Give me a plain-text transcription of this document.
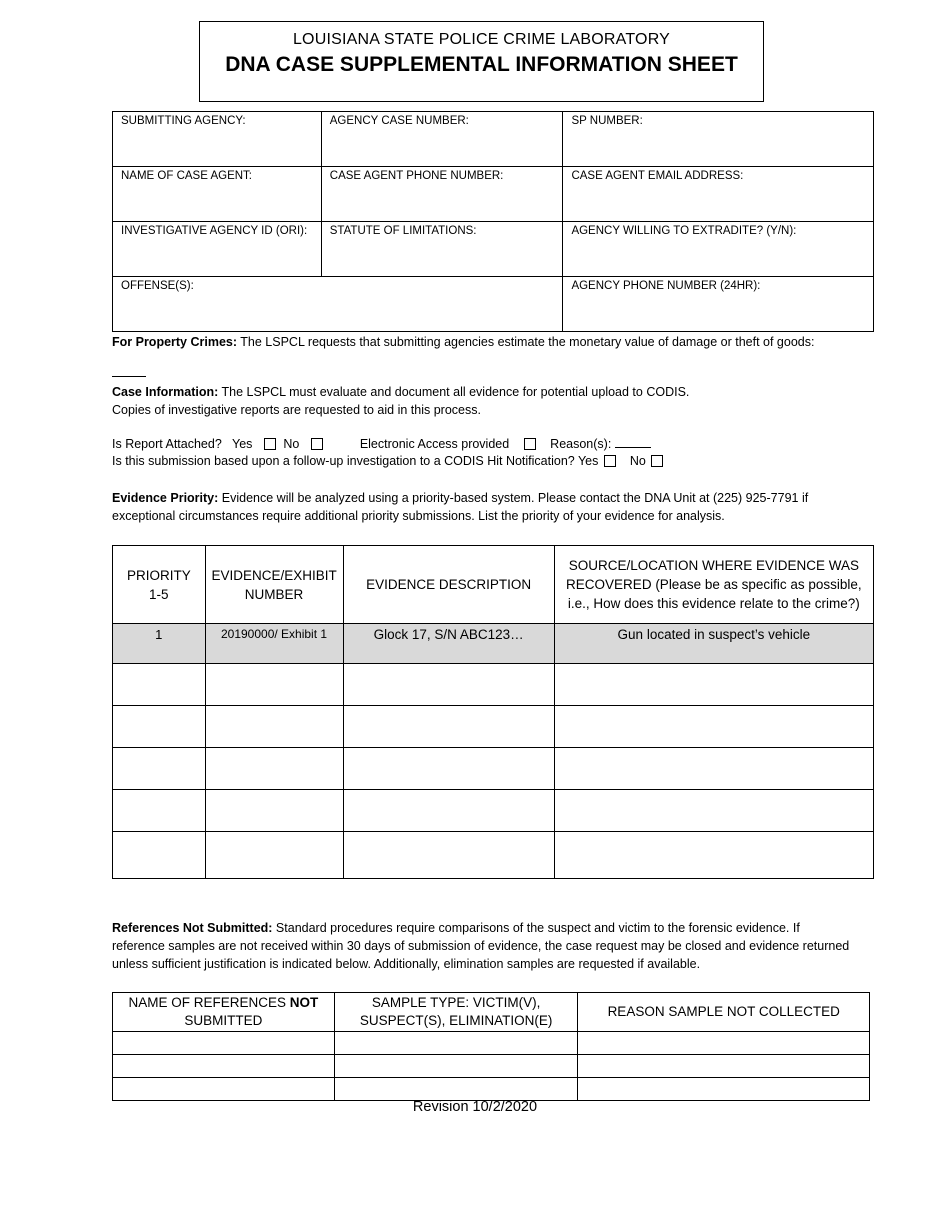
LOUISIANA STATE POLICE CRIME LABORATORY
DNA CASE SUPPLEMENTAL INFORMATION SHEET
SUBMITTING AGENCY:	AGENCY CASE NUMBER:	SP NUMBER:
NAME OF CASE AGENT:	CASE AGENT PHONE NUMBER:	CASE AGENT EMAIL ADDRESS:
INVESTIGATIVE AGENCY ID (ORI):	STATUTE OF LIMITATIONS:	AGENCY WILLING TO EXTRADITE? (Y/N):
OFFENSE(S):		AGENCY PHONE NUMBER (24HR):
For Property Crimes: The LSPCL requests that submitting agencies estimate the monetary value of damage or theft of goods:
Case Information: The LSPCL must evaluate and document all evidence for potential upload to CODIS.
Copies of investigative reports are requested to aid in this process.
Is Report Attached? Yes No	Electronic Access provided	Reason(s):
Is this submission based upon a follow-up investigation to a CODIS Hit Notification? Yes	No
Evidence Priority: Evidence will be analyzed using a priority-based system. Please contact the DNA Unit at (225) 925-7791 if exceptional circumstances require additional priority submissions. List the priority of your evidence for analysis.
PRIORITY 1-5	EVIDENCE/EXHIBIT NUMBER	EVIDENCE DESCRIPTION	SOURCE/LOCATION WHERE EVIDENCE WAS RECOVERED (Please be as specific as possible, i.e., How does this evidence relate to the crime?)
1	20190000/ Exhibit 1	Glock 17, S/N ABC123…	Gun located in suspect’s vehicle

References Not Submitted: Standard procedures require comparisons of the suspect and victim to the forensic evidence. If reference samples are not received within 30 days of submission of evidence, the case request may be closed and evidence returned unless sufficient justification is indicated below. Additionally, elimination samples are requested if available.
NAME OF REFERENCES NOT SUBMITTED	SAMPLE TYPE: VICTIM(V), SUSPECT(S), ELIMINATION(E)	REASON SAMPLE NOT COLLECTED

Revision 10/2/2020
